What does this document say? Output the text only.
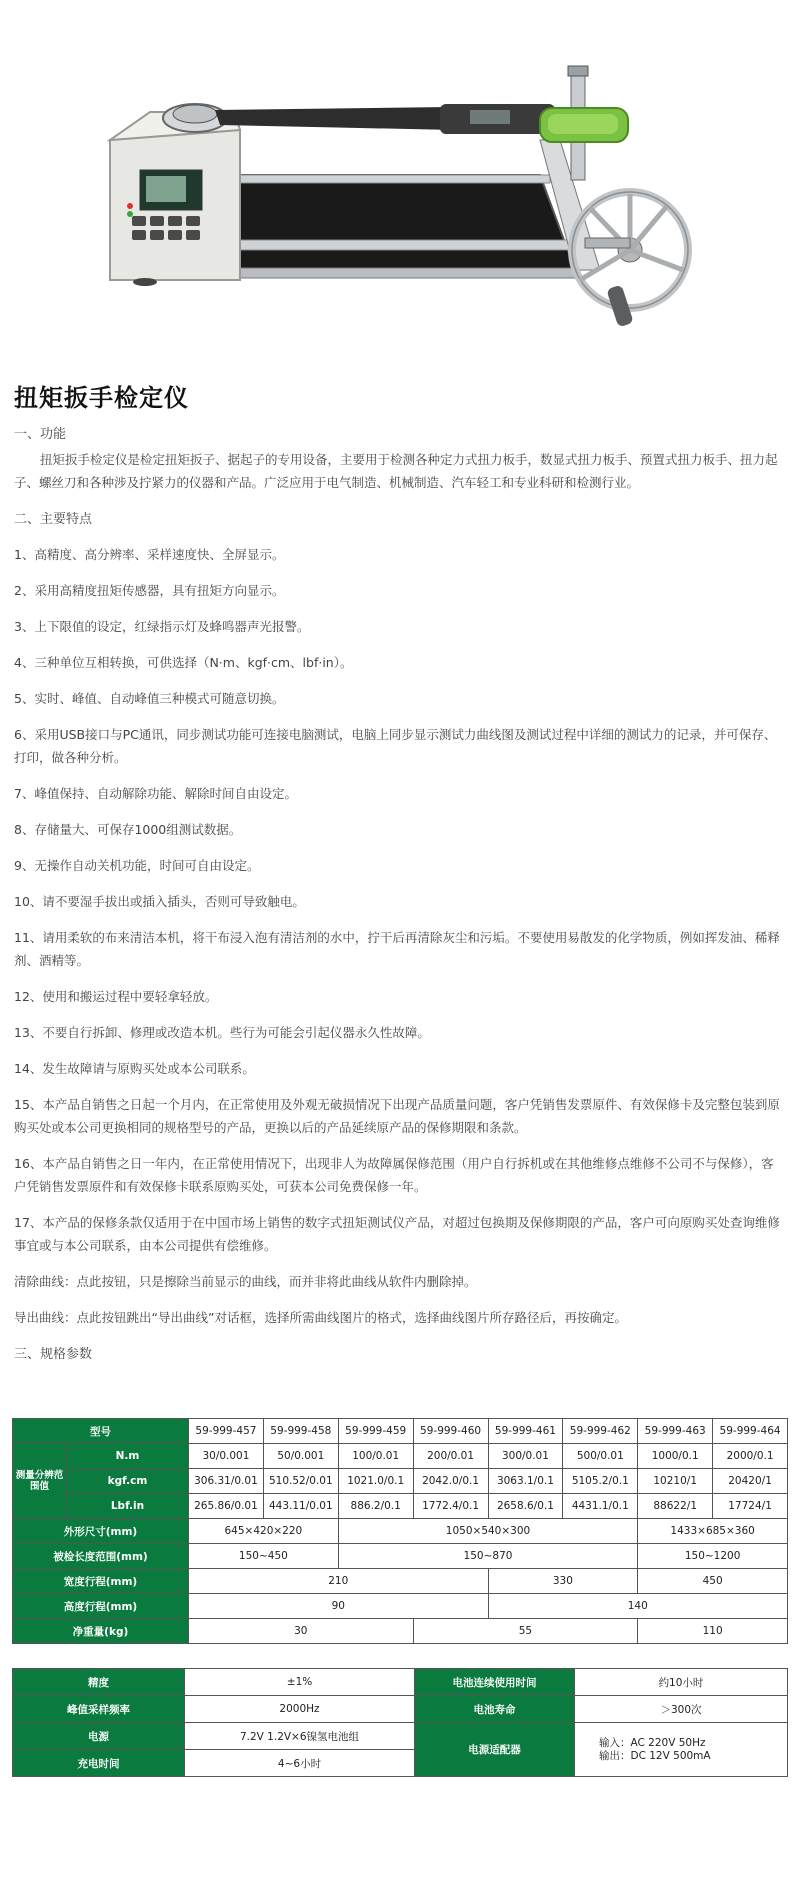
扭矩扳手检定仪
一、功能
扭矩扳手检定仪是检定扭矩扳子、据起子的专用设备，主要用于检测各种定力式扭力板手，数显式扭力板手、预置式扭力板手、扭力起子、螺丝刀和各种涉及拧紧力的仪器和产品。广泛应用于电气制造、机械制造、汽车轻工和专业科研和检测行业。
二、主要特点
1、高精度、高分辨率、采样速度快、全屏显示。
2、采用高精度扭矩传感器，具有扭矩方向显示。
3、上下限值的设定，红绿指示灯及蜂鸣器声光报警。
4、三种单位互相转换，可供选择（N·m、kgf·cm、lbf·in）。
5、实时、峰值、自动峰值三种模式可随意切换。
6、采用USB接口与PC通讯，同步测试功能可连接电脑测试，电脑上同步显示测试力曲线图及测试过程中详细的测试力的记录，并可保存、打印，做各种分析。
7、峰值保持、自动解除功能、解除时间自由设定。
8、存储量大、可保存1000组测试数据。
9、无操作自动关机功能，时间可自由设定。
10、请不要湿手拔出或插入插头，否则可导致触电。
11、请用柔软的布来清洁本机，将干布浸入泡有清洁剂的水中，拧干后再清除灰尘和污垢。不要使用易散发的化学物质，例如挥发油、稀释剂、酒精等。
12、使用和搬运过程中要轻拿轻放。
13、不要自行拆卸、修理或改造本机。些行为可能会引起仪器永久性故障。
14、发生故障请与原购买处或本公司联系。
15、本产品自销售之日起一个月内，在正常使用及外观无破损情况下出现产品质量问题，客户凭销售发票原件、有效保修卡及完整包装到原购买处或本公司更换相同的规格型号的产品，更换以后的产品延续原产品的保修期限和条款。
16、本产品自销售之日一年内，在正常使用情况下，出现非人为故障属保修范围（用户自行拆机或在其他维修点维修不公司不与保修），客户凭销售发票原件和有效保修卡联系原购买处，可获本公司免费保修一年。
17、本产品的保修条款仅适用于在中国市场上销售的数字式扭矩测试仪产品，对超过包换期及保修期限的产品，客户可向原购买处查询维修事宜或与本公司联系，由本公司提供有偿维修。
清除曲线：点此按钮，只是擦除当前显示的曲线，而并非将此曲线从软件内删除掉。
导出曲线：点此按钮跳出“导出曲线”对话框，选择所需曲线图片的格式，选择曲线图片所存路径后，再按确定。
三、规格参数
型号		59-999-457	59-999-458	59-999-459	59-999-460	59-999-461	59-999-462	59-999-463	59-999-464
测量分辨范围值	N.m	30/0.001	50/0.001	100/0.01	200/0.01	300/0.01	500/0.01	1000/0.1	2000/0.1
	kgf.cm	306.31/0.01	510.52/0.01	1021.0/0.1	2042.0/0.1	3063.1/0.1	5105.2/0.1	10210/1	20420/1
	Lbf.in	265.86/0.01	443.11/0.01	886.2/0.1	1772.4/0.1	2658.6/0.1	4431.1/0.1	88622/1	17724/1
外形尺寸(mm)		645×420×220		1050×540×300				1433×685×360	
被检长度范围(mm)		150~450		150~870				150~1200	
宽度行程(mm)		210				330		450	
高度行程(mm)		90				140			
净重量(kg)		30			55			110	
精度	±1%	电池连续使用时间	约10小时
峰值采样频率	2000Hz	电池寿命	＞300次
电源	7.2V 1.2V×6镍氢电池组	电源适配器	输入：AC 220V 50Hz
输出：DC 12V 500mA

充电时间	4~6小时		
